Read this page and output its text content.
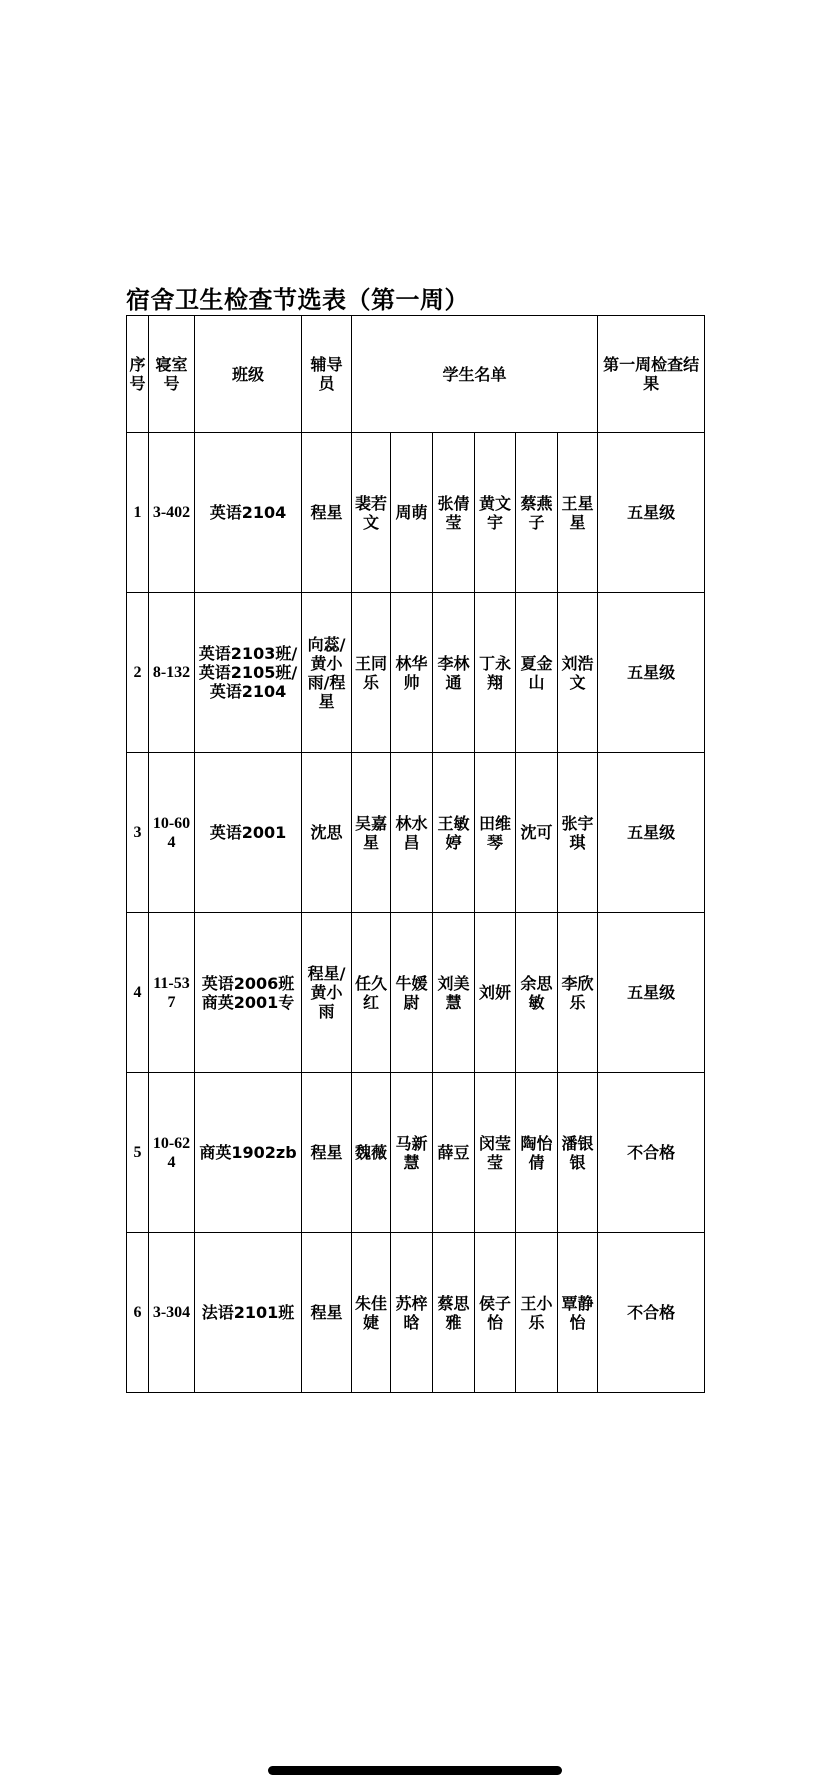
宿舍卫生检查节选表（第一周）
序号	寝室号	班级	辅导员	学生名单						第一周检查结果
1	3-402	英语2104	程星	裴若文	周萌	张倩莹	黄文宇	蔡燕子	王星星	五星级
2	8-132	英语2103班/英语2105班/英语2104	向蕊/黄小雨/程星	王同乐	林华帅	李林通	丁永翔	夏金山	刘浩文	五星级
3	10-604	英语2001	沈思	吴嘉星	林水昌	王敏婷	田维琴	沈可	张宇琪	五星级
4	11-537	英语2006班商英2001专	程星/黄小雨	任久红	牛媛尉	刘美慧	刘妍	余思敏	李欣乐	五星级
5	10-624	商英1902zb	程星	魏薇	马新慧	薛豆	闵莹莹	陶怡倩	潘银银	不合格
6	3-304	法语2101班	程星	朱佳婕	苏梓晗	蔡思雅	侯子怡	王小乐	覃静怡	不合格
